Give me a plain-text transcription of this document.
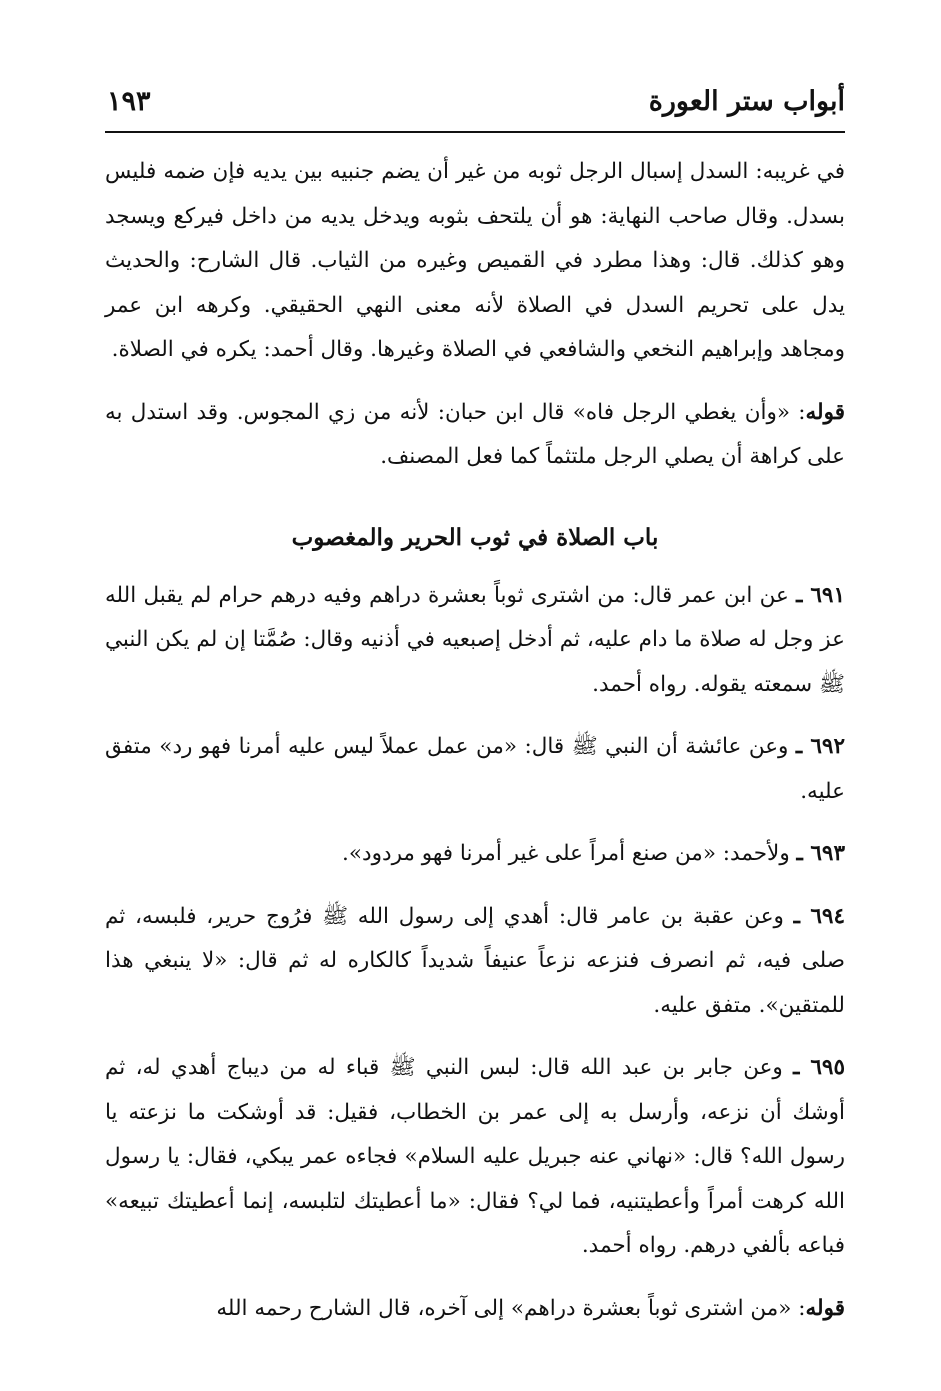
أبواب ستر العورة
١٩٣

في غريبه: السدل إسبال الرجل ثوبه من غير أن يضم جنبيه بين يديه فإن ضمه فليس بسدل. وقال صاحب النهاية: هو أن يلتحف بثوبه ويدخل يديه من داخل فيركع ويسجد وهو كذلك. قال: وهذا مطرد في القميص وغيره من الثياب. قال الشارح: والحديث يدل على تحريم السدل في الصلاة لأنه معنى النهي الحقيقي. وكرهه ابن عمر ومجاهد وإبراهيم النخعي والشافعي في الصلاة وغيرها. وقال أحمد: يكره في الصلاة.

قوله: «وأن يغطي الرجل فاه» قال ابن حبان: لأنه من زي المجوس. وقد استدل به على كراهة أن يصلي الرجل ملتثماً كما فعل المصنف.

باب الصلاة في ثوب الحرير والمغصوب

٦٩١ ـ عن ابن عمر قال: من اشترى ثوباً بعشرة دراهم وفيه درهم حرام لم يقبل الله عز وجل له صلاة ما دام عليه، ثم أدخل إصبعيه في أذنيه وقال: صُمَّتا إن لم يكن النبي ﷺ سمعته يقوله. رواه أحمد.

٦٩٢ ـ وعن عائشة أن النبي ﷺ قال: «من عمل عملاً ليس عليه أمرنا فهو رد» متفق عليه.

٦٩٣ ـ ولأحمد: «من صنع أمراً على غير أمرنا فهو مردود».

٦٩٤ ـ وعن عقبة بن عامر قال: أهدي إلى رسول الله ﷺ فرُوج حرير، فلبسه، ثم صلى فيه، ثم انصرف فنزعه نزعاً عنيفاً شديداً كالكاره له ثم قال: «لا ينبغي هذا للمتقين». متفق عليه.

٦٩٥ ـ وعن جابر بن عبد الله قال: لبس النبي ﷺ قباء له من ديباج أهدي له، ثم أوشك أن نزعه، وأرسل به إلى عمر بن الخطاب، فقيل: قد أوشكت ما نزعته يا رسول الله؟ قال: «نهاني عنه جبريل عليه السلام» فجاءه عمر يبكي، فقال: يا رسول الله كرهت أمراً وأعطيتنيه، فما لي؟ فقال: «ما أعطيتك لتلبسه، إنما أعطيتك تبيعه» فباعه بألفي درهم. رواه أحمد.

قوله: «من اشترى ثوباً بعشرة دراهم» إلى آخره، قال الشارح رحمه الله
